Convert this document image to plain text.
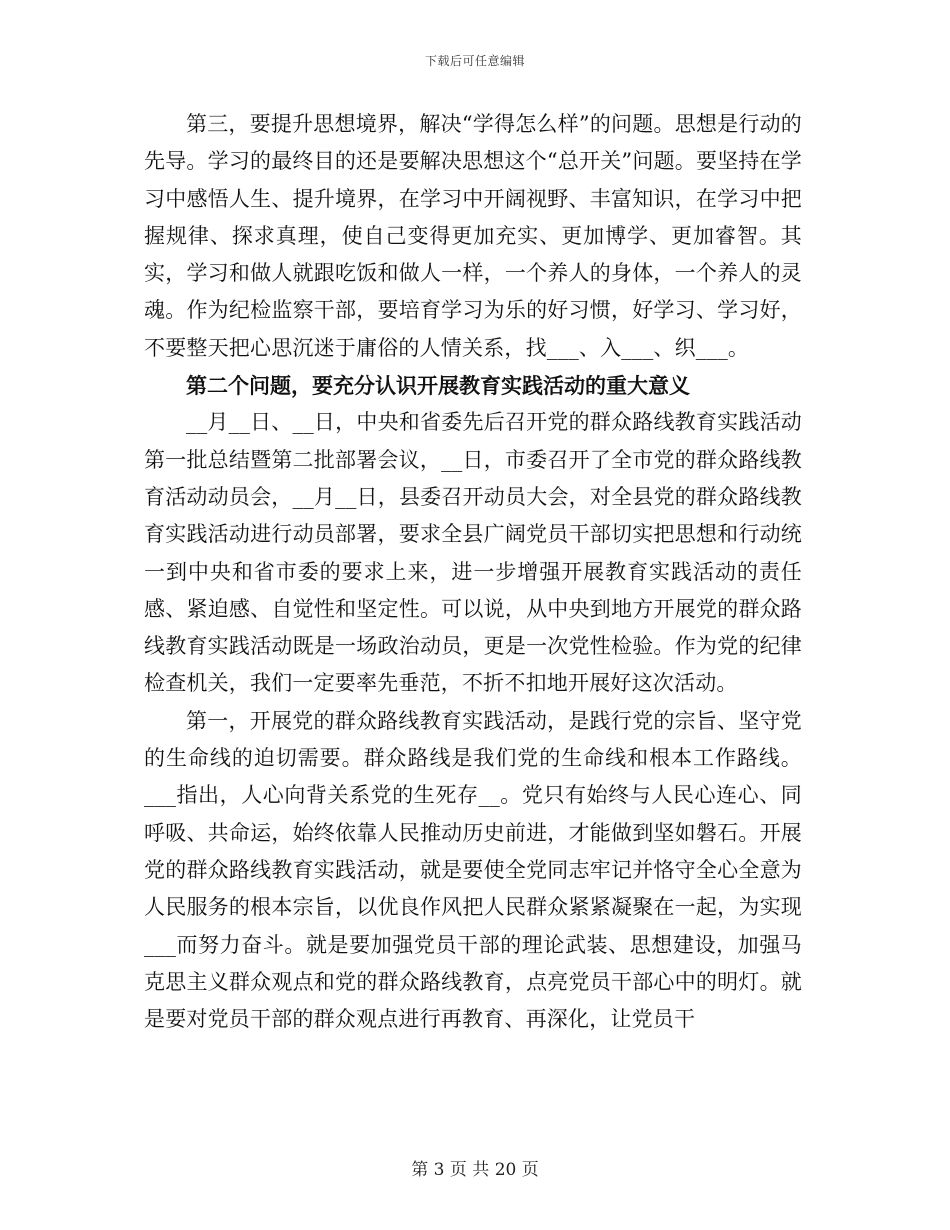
下载后可任意编辑

第三，要提升思想境界，解决“学得怎么样”的问题。思想是行动的先导。学习的最终目的还是要解决思想这个“总开关”问题。要坚持在学习中感悟人生、提升境界，在学习中开阔视野、丰富知识，在学习中把握规律、探求真理，使自己变得更加充实、更加博学、更加睿智。其实，学习和做人就跟吃饭和做人一样，一个养人的身体，一个养人的灵魂。作为纪检监察干部，要培育学习为乐的好习惯，好学习、学习好，不要整天把心思沉迷于庸俗的人情关系，找___、入___、织___。

第二个问题，要充分认识开展教育实践活动的重大意义

__月__日、__日，中央和省委先后召开党的群众路线教育实践活动第一批总结暨第二批部署会议，__日，市委召开了全市党的群众路线教育活动动员会，__月__日，县委召开动员大会，对全县党的群众路线教育实践活动进行动员部署，要求全县广阔党员干部切实把思想和行动统一到中央和省市委的要求上来，进一步增强开展教育实践活动的责任感、紧迫感、自觉性和坚定性。可以说，从中央到地方开展党的群众路线教育实践活动既是一场政治动员，更是一次党性检验。作为党的纪律检查机关，我们一定要率先垂范，不折不扣地开展好这次活动。

第一，开展党的群众路线教育实践活动，是践行党的宗旨、坚守党的生命线的迫切需要。群众路线是我们党的生命线和根本工作路线。___指出，人心向背关系党的生死存__。党只有始终与人民心连心、同呼吸、共命运，始终依靠人民推动历史前进，才能做到坚如磐石。开展党的群众路线教育实践活动，就是要使全党同志牢记并恪守全心全意为人民服务的根本宗旨，以优良作风把人民群众紧紧凝聚在一起，为实现___而努力奋斗。就是要加强党员干部的理论武装、思想建设，加强马克思主义群众观点和党的群众路线教育，点亮党员干部心中的明灯。就是要对党员干部的群众观点进行再教育、再深化，让党员干

第 3 页 共 20 页
